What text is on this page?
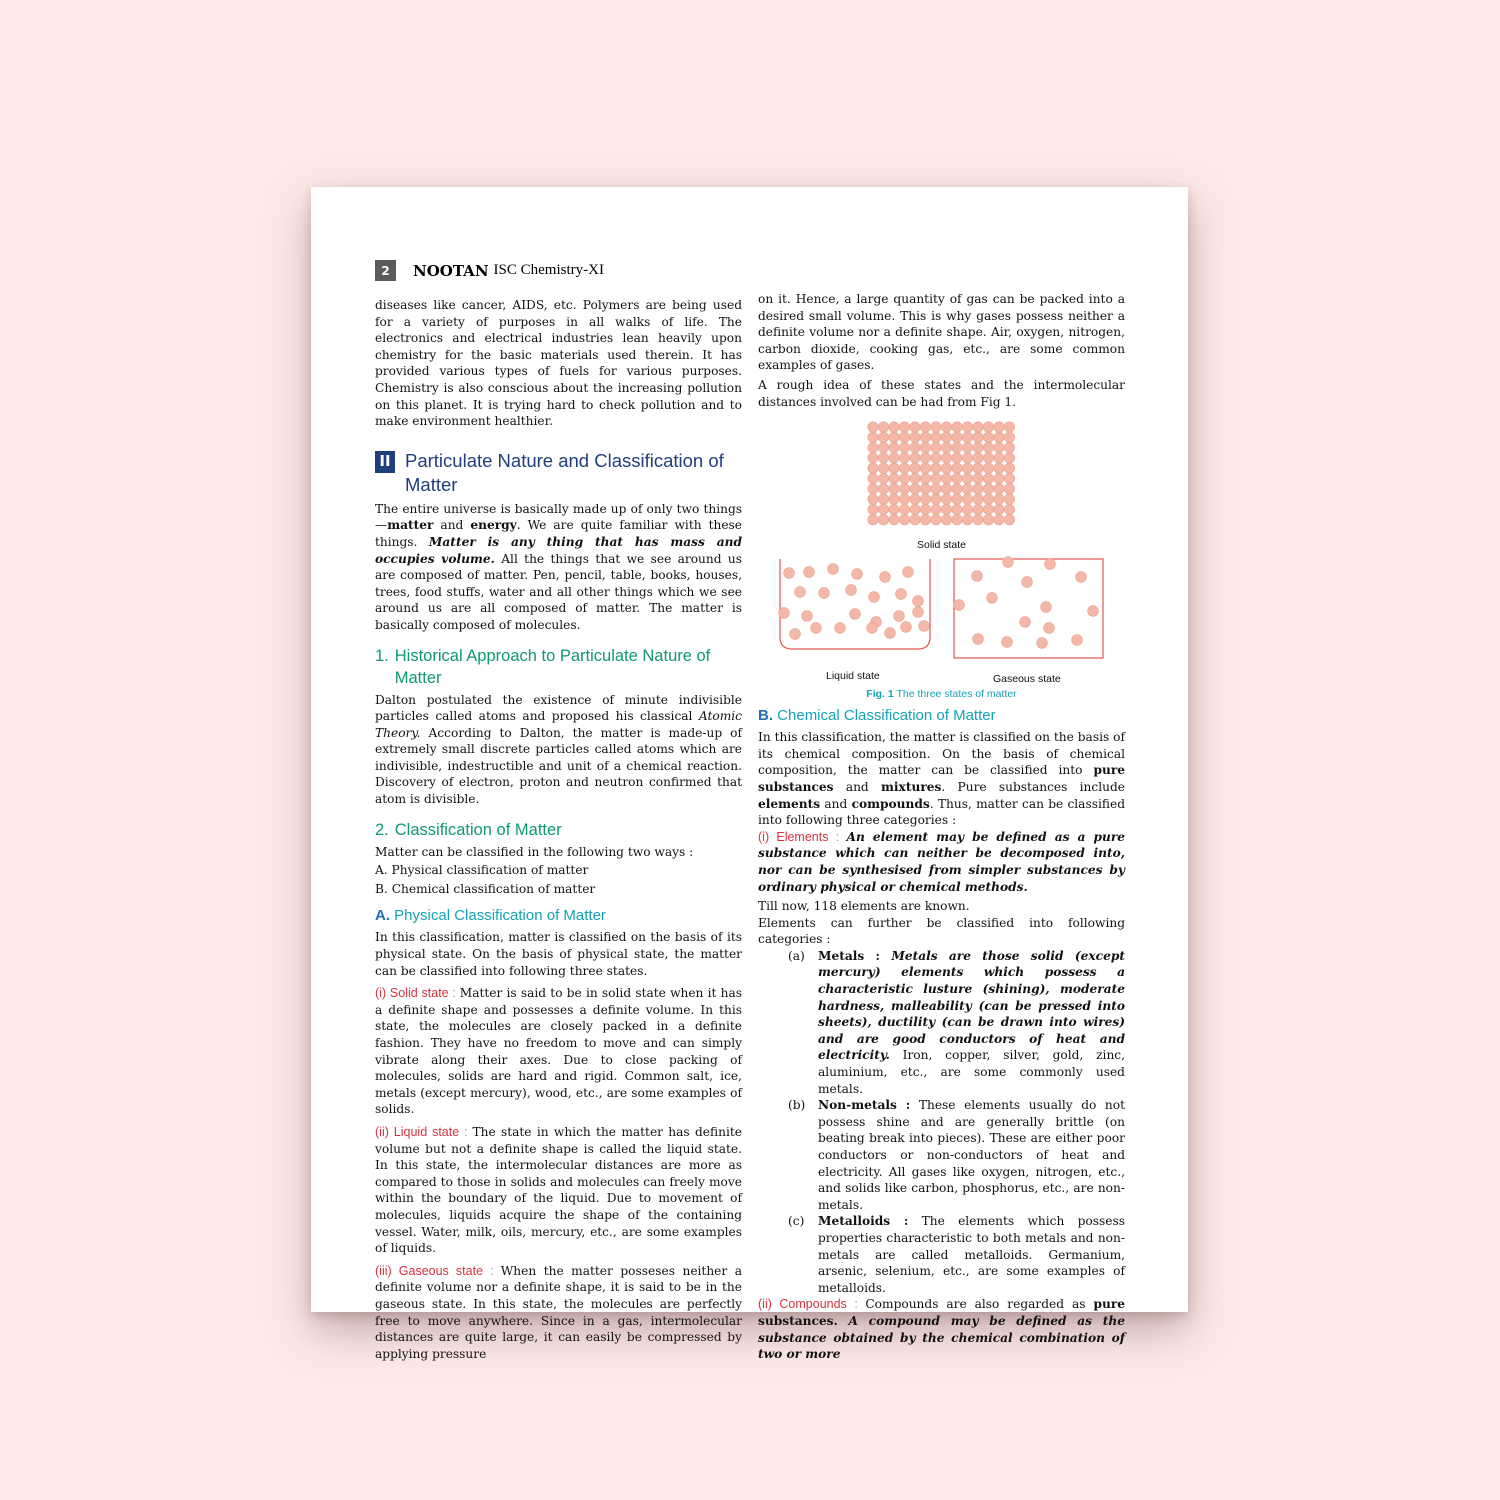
2	NOOTAN ISC Chemistry-XI

diseases like cancer, AIDS, etc. Polymers are being used for a variety of purposes in all walks of life. The electronics and electrical industries lean heavily upon chemistry for the basic materials used therein. It has provided various types of fuels for various purposes. Chemistry is also conscious about the increasing pollution on this planet. It is trying hard to check pollution and to make environment healthier.

II Particulate Nature and Classification of Matter

The entire universe is basically made up of only two things—matter and energy. We are quite familiar with these things. Matter is any thing that has mass and occupies volume. All the things that we see around us are composed of matter. Pen, pencil, table, books, houses, trees, food stuffs, water and all other things which we see around us are all composed of matter. The matter is basically composed of molecules.

1. Historical Approach to Particulate Nature of Matter

Dalton postulated the existence of minute indivisible particles called atoms and proposed his classical Atomic Theory. According to Dalton, the matter is made-up of extremely small discrete particles called atoms which are indivisible, indestructible and unit of a chemical reaction. Discovery of electron, proton and neutron confirmed that atom is divisible.

2. Classification of Matter

Matter can be classified in the following two ways :

A. Physical classification of matter

B. Chemical classification of matter

A. Physical Classification of Matter

In this classification, matter is classified on the basis of its physical state. On the basis of physical state, the matter can be classified into following three states.

(i) Solid state : Matter is said to be in solid state when it has a definite shape and possesses a definite volume. In this state, the molecules are closely packed in a definite fashion. They have no freedom to move and can simply vibrate along their axes. Due to close packing of molecules, solids are hard and rigid. Common salt, ice, metals (except mercury), wood, etc., are some examples of solids.

(ii) Liquid state : The state in which the matter has definite volume but not a definite shape is called the liquid state. In this state, the intermolecular distances are more as compared to those in solids and molecules can freely move within the boundary of the liquid. Due to movement of molecules, liquids acquire the shape of the containing vessel. Water, milk, oils, mercury, etc., are some examples of liquids.

(iii) Gaseous state : When the matter posseses neither a definite volume nor a definite shape, it is said to be in the gaseous state. In this state, the molecules are perfectly free to move anywhere. Since in a gas, intermolecular distances are quite large, it can easily be compressed by applying pressure

on it. Hence, a large quantity of gas can be packed into a desired small volume. This is why gases possess neither a definite volume nor a definite shape. Air, oxygen, nitrogen, carbon dioxide, cooking gas, etc., are some common examples of gases.

A rough idea of these states and the intermolecular distances involved can be had from Fig 1.

Solid state
Liquid state	Gaseous state
Fig. 1 The three states of matter
B. Chemical Classification of Matter

In this classification, the matter is classified on the basis of its chemical composition. On the basis of chemical composition, the matter can be classified into pure substances and mixtures. Pure substances include elements and compounds. Thus, matter can be classified into following three categories :

(i) Elements : An element may be defined as a pure substance which can neither be decomposed into, nor can be synthesised from simpler substances by ordinary physical or chemical methods.

Till now, 118 elements are known.

Elements can further be classified into following categories :

(a)	Metals : Metals are those solid (except mercury) elements which possess a characteristic lusture (shining), moderate hardness, malleability (can be pressed into sheets), ductility (can be drawn into wires) and are good conductors of heat and electricity. Iron, copper, silver, gold, zinc, aluminium, etc., are some commonly used metals.
(b)	Non-metals : These elements usually do not possess shine and are generally brittle (on beating break into pieces). These are either poor conductors or non-conductors of heat and electricity. All gases like oxygen, nitrogen, etc., and solids like carbon, phosphorus, etc., are non-metals.
(c)	Metalloids : The elements which possess properties characteristic to both metals and non-metals are called metalloids. Germanium, arsenic, selenium, etc., are some examples of metalloids.

(ii) Compounds : Compounds are also regarded as pure substances. A compound may be defined as the substance obtained by the chemical combination of two or more
